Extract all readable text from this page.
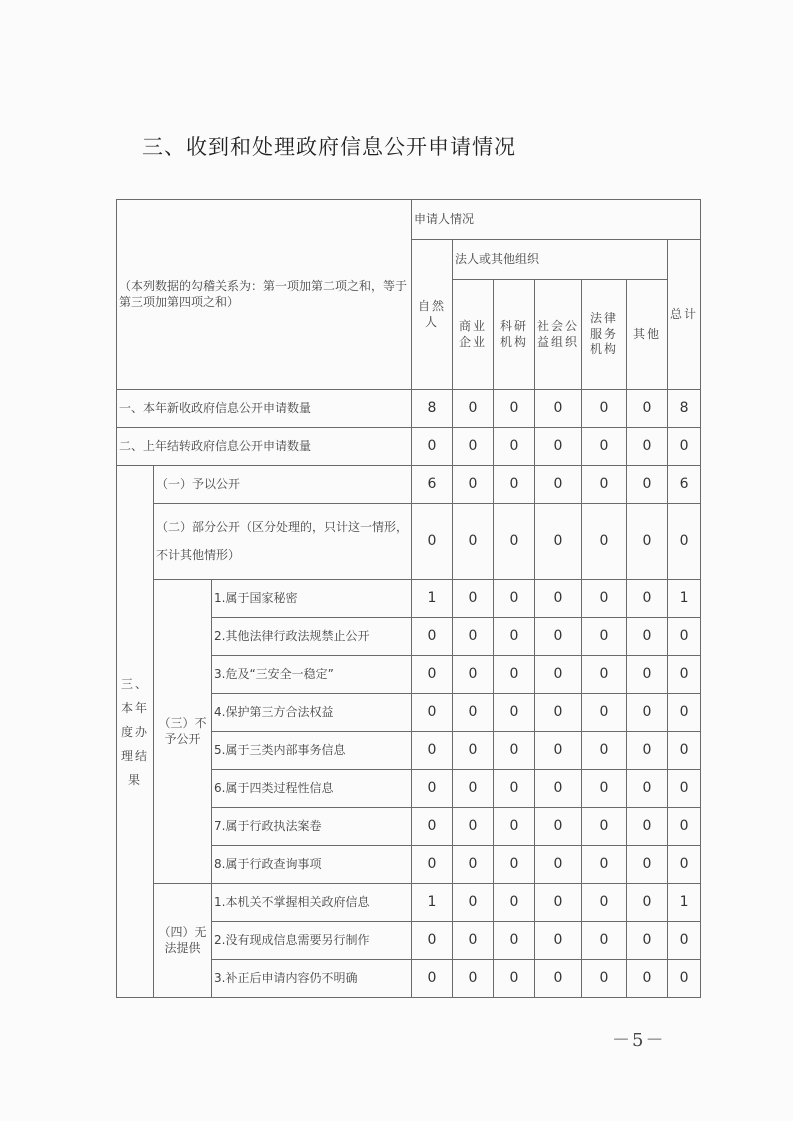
三、收到和处理政府信息公开申请情况
（本列数据的勾稽关系为：第一项加第二项之和，等于第三项加第四项之和）			申请人情况						
			自然人	法人或其他组织					总计
				商业企业	科研机构	社会公益组织	法律服务机构	其他	
一、本年新收政府信息公开申请数量			8	0	0	0	0	0	8
二、上年结转政府信息公开申请数量			0	0	0	0	0	0	0
三、本年度办理结果	（一）予以公开		6	0	0	0	0	0	6
	（二）部分公开（区分处理的，只计这一情形，不计其他情形）		0	0	0	0	0	0	0
	（三）不予公开	1.属于国家秘密	1	0	0	0	0	0	1
		2.其他法律行政法规禁止公开	0	0	0	0	0	0	0
		3.危及“三安全一稳定”	0	0	0	0	0	0	0
		4.保护第三方合法权益	0	0	0	0	0	0	0
		5.属于三类内部事务信息	0	0	0	0	0	0	0
		6.属于四类过程性信息	0	0	0	0	0	0	0
		7.属于行政执法案卷	0	0	0	0	0	0	0
		8.属于行政查询事项	0	0	0	0	0	0	0
	（四）无法提供	1.本机关不掌握相关政府信息	1	0	0	0	0	0	1
		2.没有现成信息需要另行制作	0	0	0	0	0	0	0
		3.补正后申请内容仍不明确	0	0	0	0	0	0	0
－5－
